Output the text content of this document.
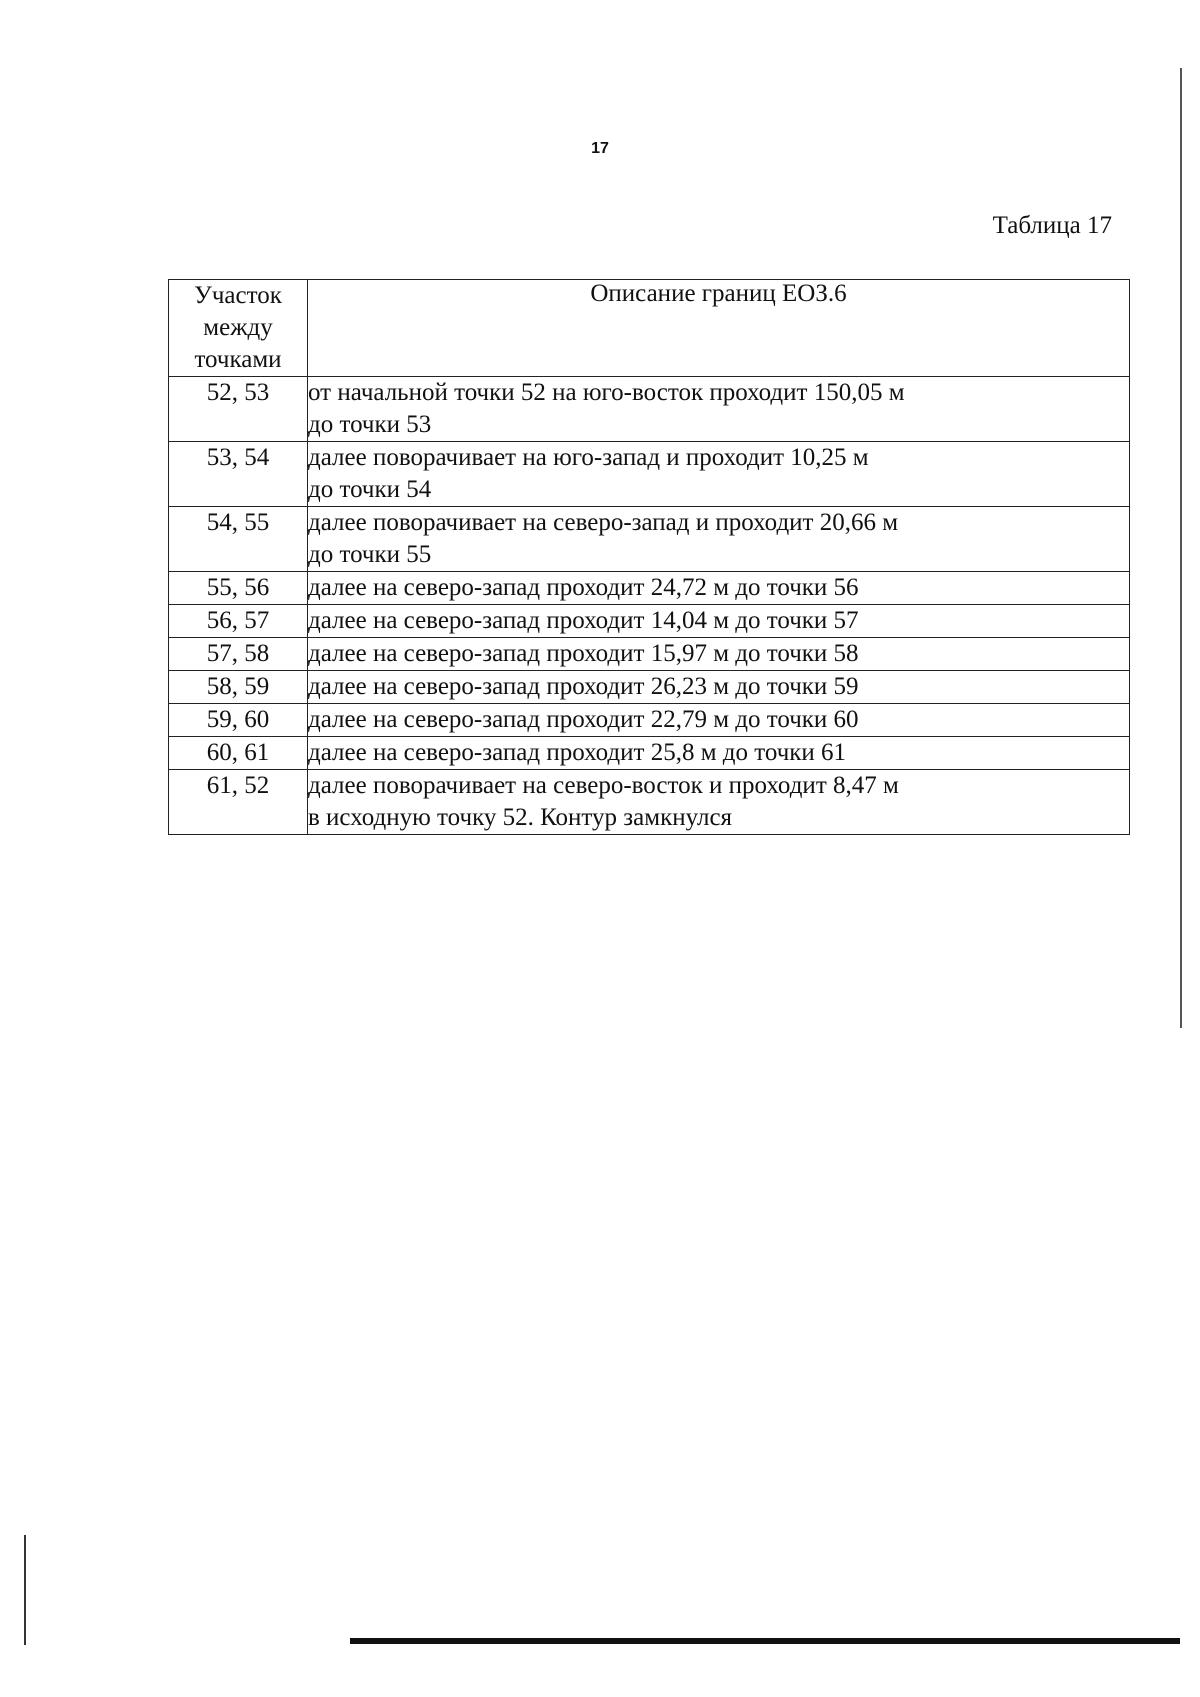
17
Таблица 17
Участок
между
точками	Описание границ ЕОЗ.6
52, 53	от начальной точки 52 на юго-восток проходит 150,05 м
до точки 53

53, 54	далее поворачивает на юго-запад и проходит 10,25 м
до точки 54

54, 55	далее поворачивает на северо-запад и проходит 20,66 м
до точки 55

55, 56	далее на северо-запад проходит 24,72 м до точки 56

56, 57	далее на северо-запад проходит 14,04 м до точки 57

57, 58	далее на северо-запад проходит 15,97 м до точки 58

58, 59	далее на северо-запад проходит 26,23 м до точки 59

59, 60	далее на северо-запад проходит 22,79 м до точки 60

60, 61	далее на северо-запад проходит 25,8 м до точки 61

61, 52	далее поворачивает на северо-восток и проходит 8,47 м
в исходную точку 52. Контур замкнулся
